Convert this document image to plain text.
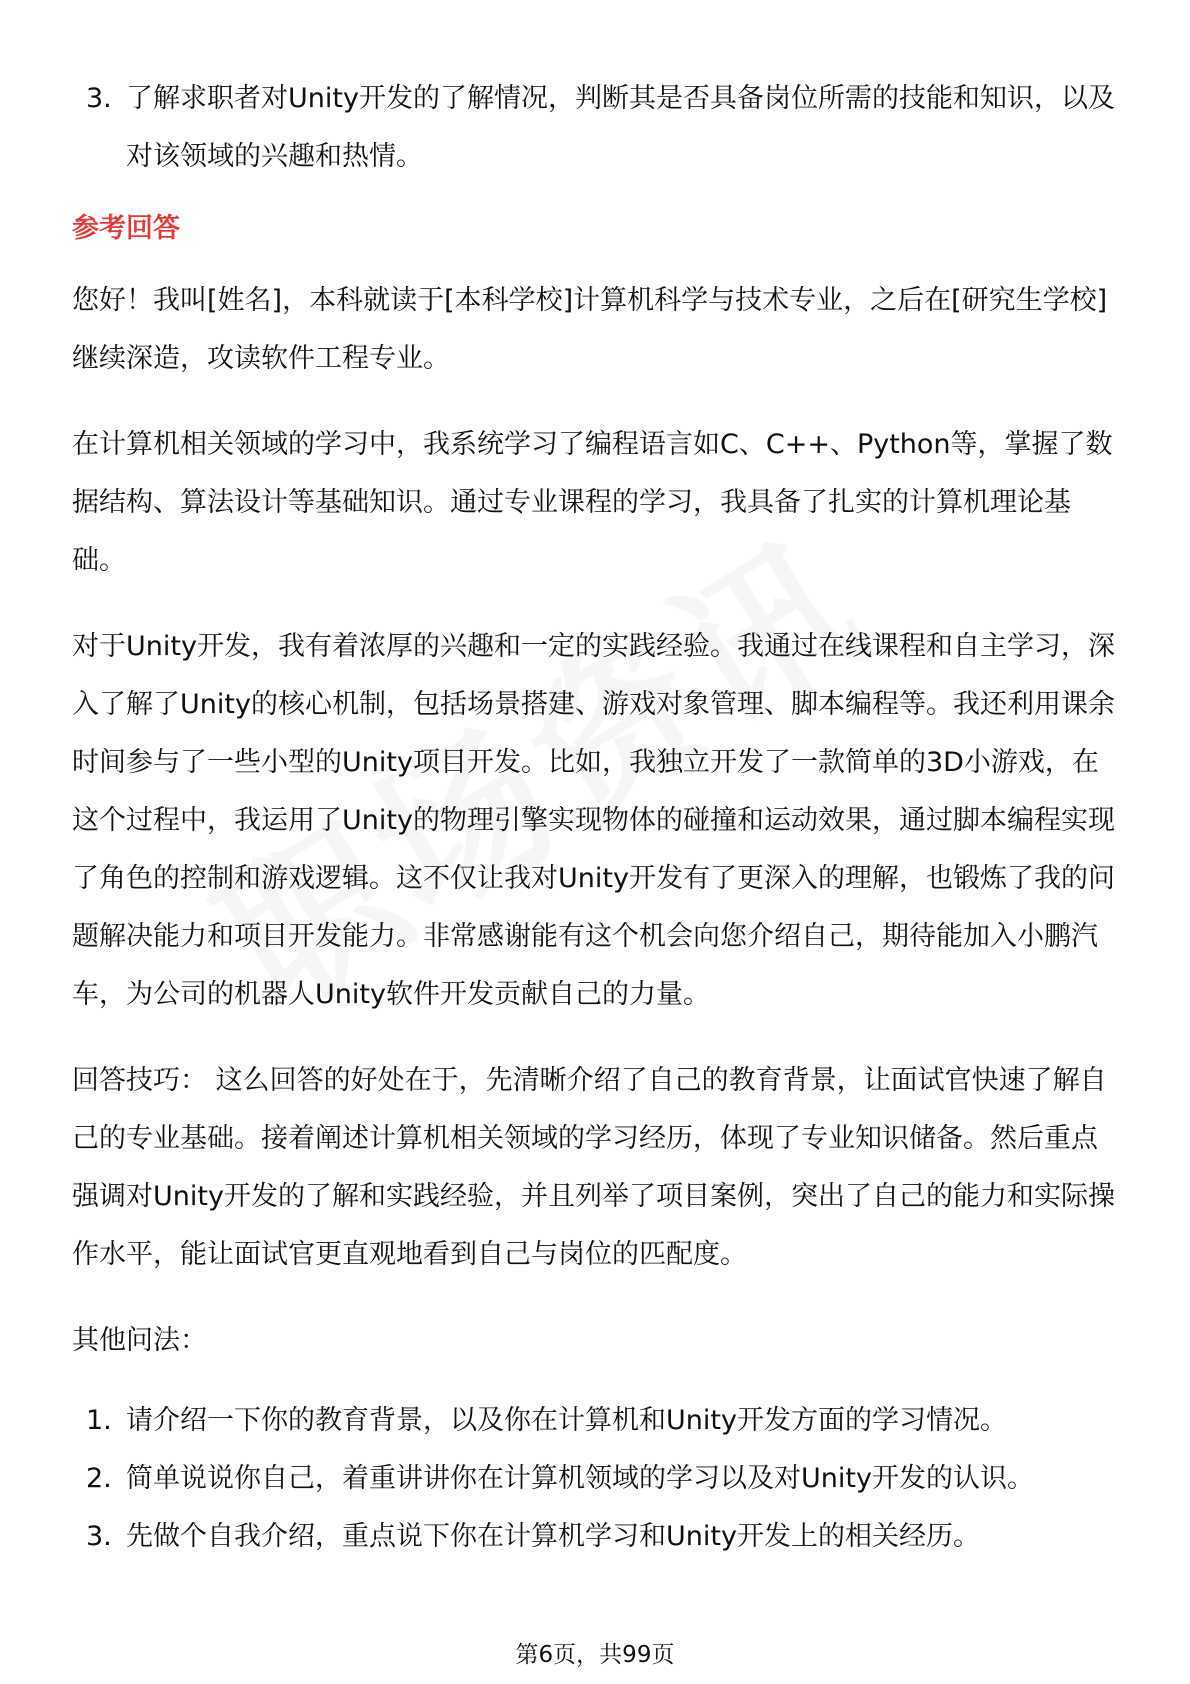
3. 了解求职者对Unity开发的了解情况，判断其是否具备岗位所需的技能和知识，以及对该领域的兴趣和热情。
参考回答

您好！我叫[姓名]，本科就读于[本科学校]计算机科学与技术专业，之后在[研究生学校]继续深造，攻读软件工程专业。

在计算机相关领域的学习中，我系统学习了编程语言如C、C++、Python等，掌握了数据结构、算法设计等基础知识。通过专业课程的学习，我具备了扎实的计算机理论基础。

对于Unity开发，我有着浓厚的兴趣和一定的实践经验。我通过在线课程和自主学习，深入了解了Unity的核心机制，包括场景搭建、游戏对象管理、脚本编程等。我还利用课余时间参与了一些小型的Unity项目开发。比如，我独立开发了一款简单的3D小游戏，在这个过程中，我运用了Unity的物理引擎实现物体的碰撞和运动效果，通过脚本编程实现了角色的控制和游戏逻辑。这不仅让我对Unity开发有了更深入的理解，也锻炼了我的问题解决能力和项目开发能力。非常感谢能有这个机会向您介绍自己，期待能加入小鹏汽车，为公司的机器人Unity软件开发贡献自己的力量。

回答技巧： 这么回答的好处在于，先清晰介绍了自己的教育背景，让面试官快速了解自己的专业基础。接着阐述计算机相关领域的学习经历，体现了专业知识储备。然后重点强调对Unity开发的了解和实践经验，并且列举了项目案例，突出了自己的能力和实际操作水平，能让面试官更直观地看到自己与岗位的匹配度。

其他问法：
1. 请介绍一下你的教育背景，以及你在计算机和Unity开发方面的学习情况。
2. 简单说说你自己，着重讲讲你在计算机领域的学习以及对Unity开发的认识。
3. 先做个自我介绍，重点说下你在计算机学习和Unity开发上的相关经历。
第6页，共99页
